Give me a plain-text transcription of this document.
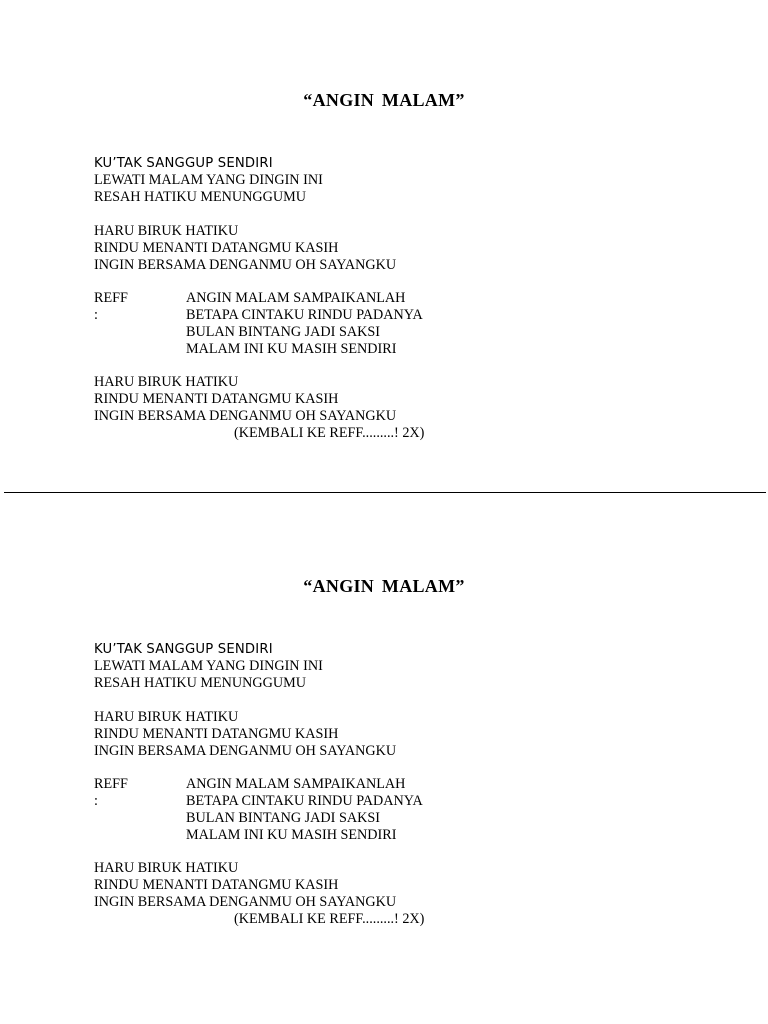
“ANGIN MALAM”
KU’TAK SANGGUP SENDIRI
LEWATI MALAM YANG DINGIN INI
RESAH HATIKU MENUNGGUMU
HARU BIRUK HATIKU
RINDU MENANTI DATANGMU KASIH
INGIN BERSAMA DENGANMU OH SAYANGKU
REFF :
ANGIN MALAM SAMPAIKANLAH
BETAPA CINTAKU RINDU PADANYA
BULAN BINTANG JADI SAKSI
MALAM INI KU MASIH SENDIRI
HARU BIRUK HATIKU
RINDU MENANTI DATANGMU KASIH
INGIN BERSAMA DENGANMU OH SAYANGKU
(KEMBALI KE REFF.........! 2X)
“ANGIN MALAM”
KU’TAK SANGGUP SENDIRI
LEWATI MALAM YANG DINGIN INI
RESAH HATIKU MENUNGGUMU
HARU BIRUK HATIKU
RINDU MENANTI DATANGMU KASIH
INGIN BERSAMA DENGANMU OH SAYANGKU
REFF :
ANGIN MALAM SAMPAIKANLAH
BETAPA CINTAKU RINDU PADANYA
BULAN BINTANG JADI SAKSI
MALAM INI KU MASIH SENDIRI
HARU BIRUK HATIKU
RINDU MENANTI DATANGMU KASIH
INGIN BERSAMA DENGANMU OH SAYANGKU
(KEMBALI KE REFF.........! 2X)
